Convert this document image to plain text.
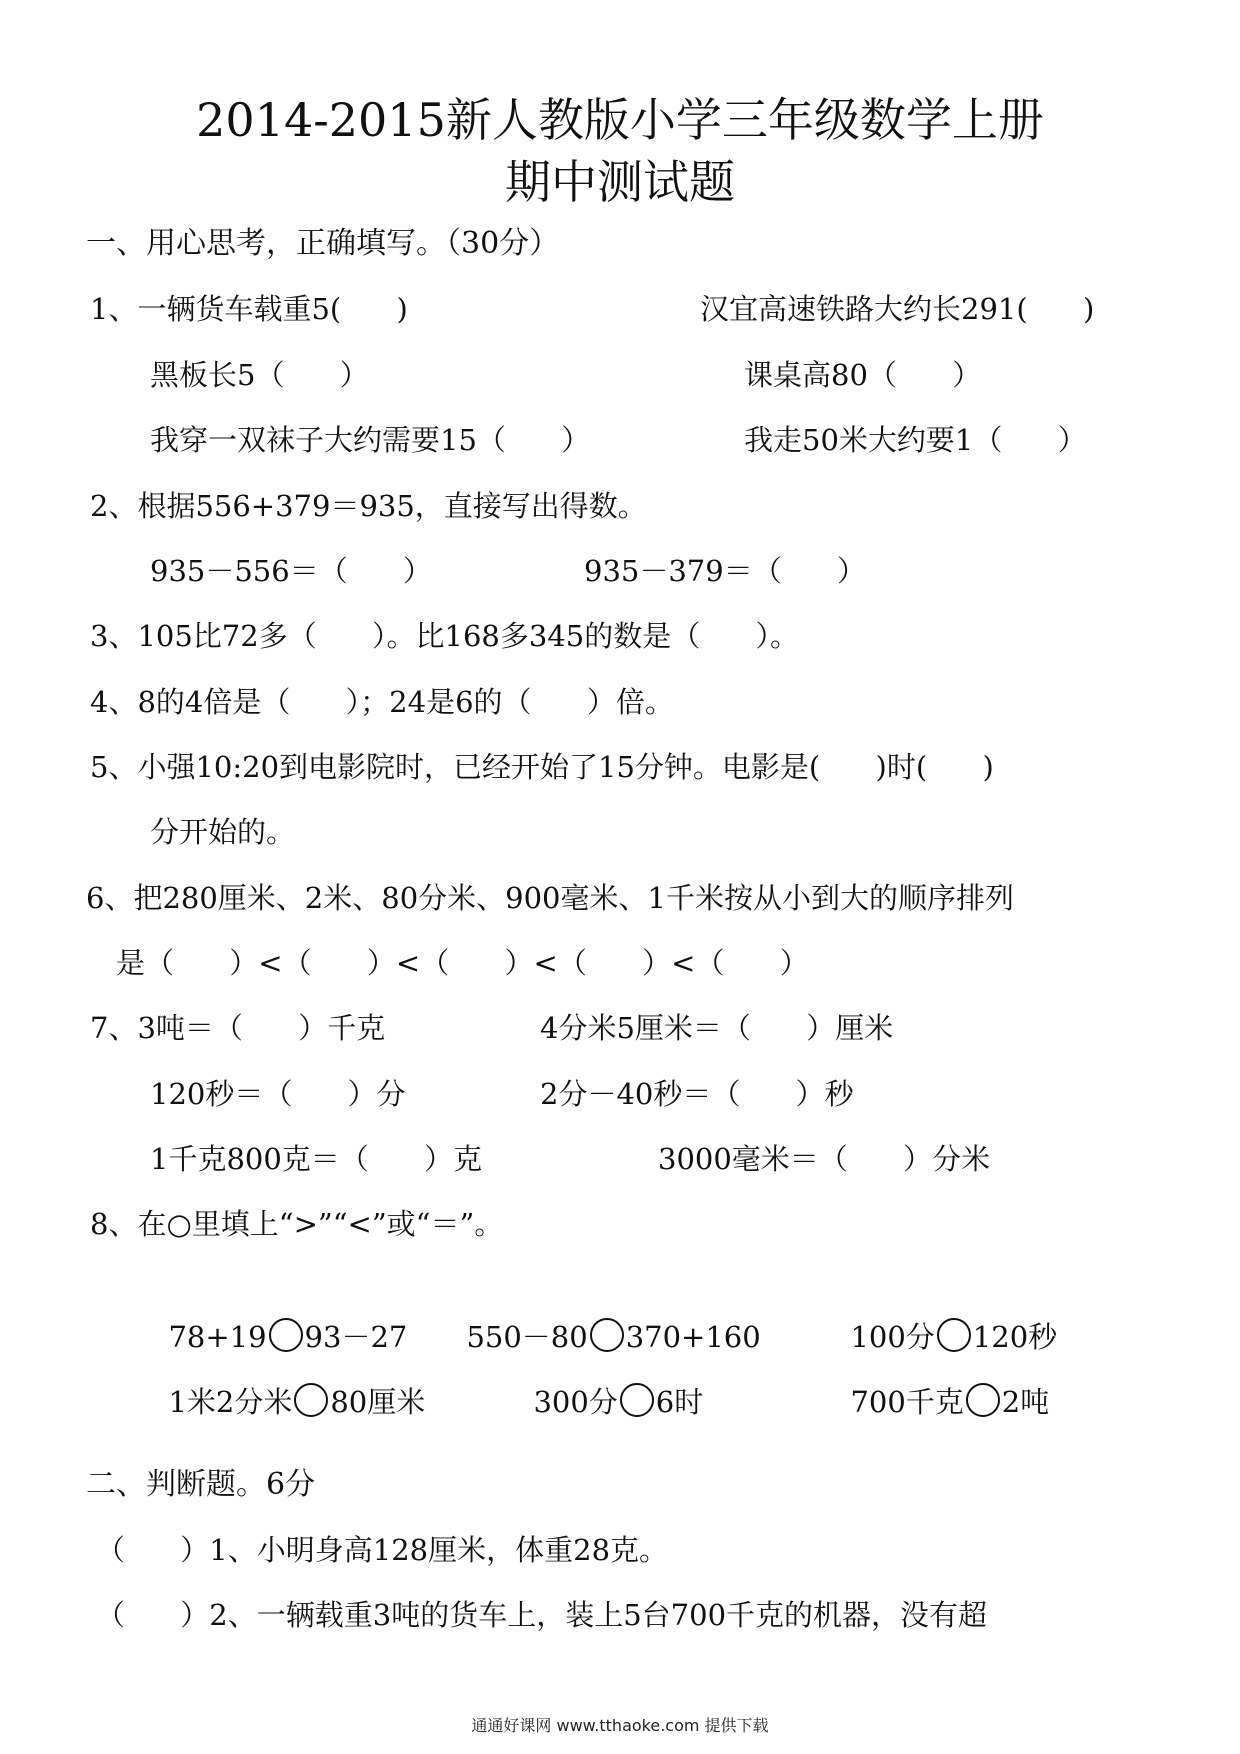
2014-2015新人教版小学三年级数学上册
期中测试题
一、用心思考，正确填写。（30分）
1、一辆货车载重5(      )	汉宜高速铁路大约长291(      )
黑板长5（      ）	课桌高80（      ）
我穿一双袜子大约需要15（      ）	我走50米大约要1（      ）
2、根据556+379＝935，直接写出得数。
935－556＝（      ）	935－379＝（      ）
3、105比72多（      ）。比168多345的数是（      ）。
4、8的4倍是（      ）；24是6的（      ）倍。
5、小强10:20到电影院时，已经开始了15分钟。电影是(      )时(      )
分开始的。
6、把280厘米、2米、80分米、900毫米、1千米按从小到大的顺序排列
是（      ）<（      ）<（      ）<（      ）<（      ）
7、3吨＝（      ）千克	4分米5厘米＝（      ）厘米
120秒＝（      ）分	2分－40秒＝（      ）秒
1千克800克＝（      ）克	3000毫米＝（      ）分米
8、在○里填上“>”“<”或“＝”。

78+19 93－27	550－80 370+160	100分 120秒

1米2分米 80厘米	300分 6时	700千克 2吨

二、判断题。6分
（      ）1、小明身高128厘米，体重28克。
（      ）2、一辆载重3吨的货车上，装上5台700千克的机器，没有超
通通好课网 www.tthaoke.com 提供下载
